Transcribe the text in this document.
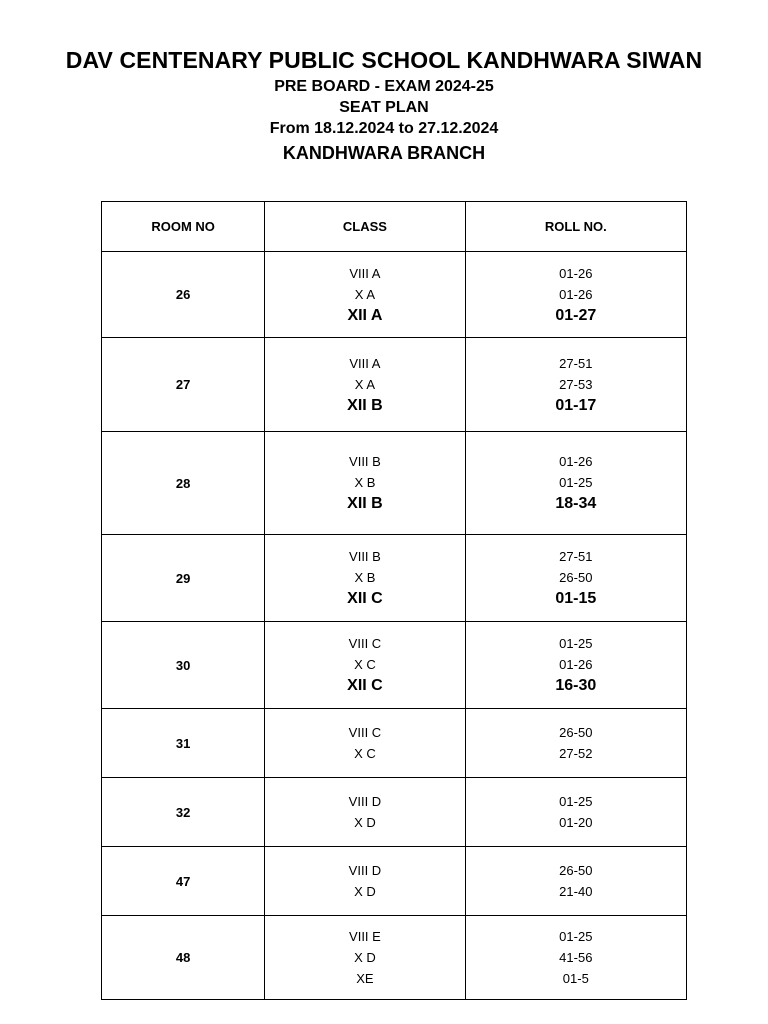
DAV CENTENARY PUBLIC SCHOOL KANDHWARA SIWAN
PRE BOARD - EXAM 2024-25
SEAT PLAN
From 18.12.2024 to 27.12.2024
KANDHWARA BRANCH
ROOM NO	CLASS	ROLL NO.
26	VIII A
X A
XII A	01-26
01-26
01-27

27	VIII A
X A
XII B	27-51
27-53
01-17

28	VIII B
X B
XII B	01-26
01-25
18-34

29	VIII B
X B
XII C	27-51
26-50
01-15

30	VIII C
X C
XII C	01-25
01-26
16-30

31	VIII C
X C	26-50
27-52

32	VIII D
X D	01-25
01-20

47	VIII D
X D	26-50
21-40

48	VIII E
X D
XE	01-25
41-56
01-5
